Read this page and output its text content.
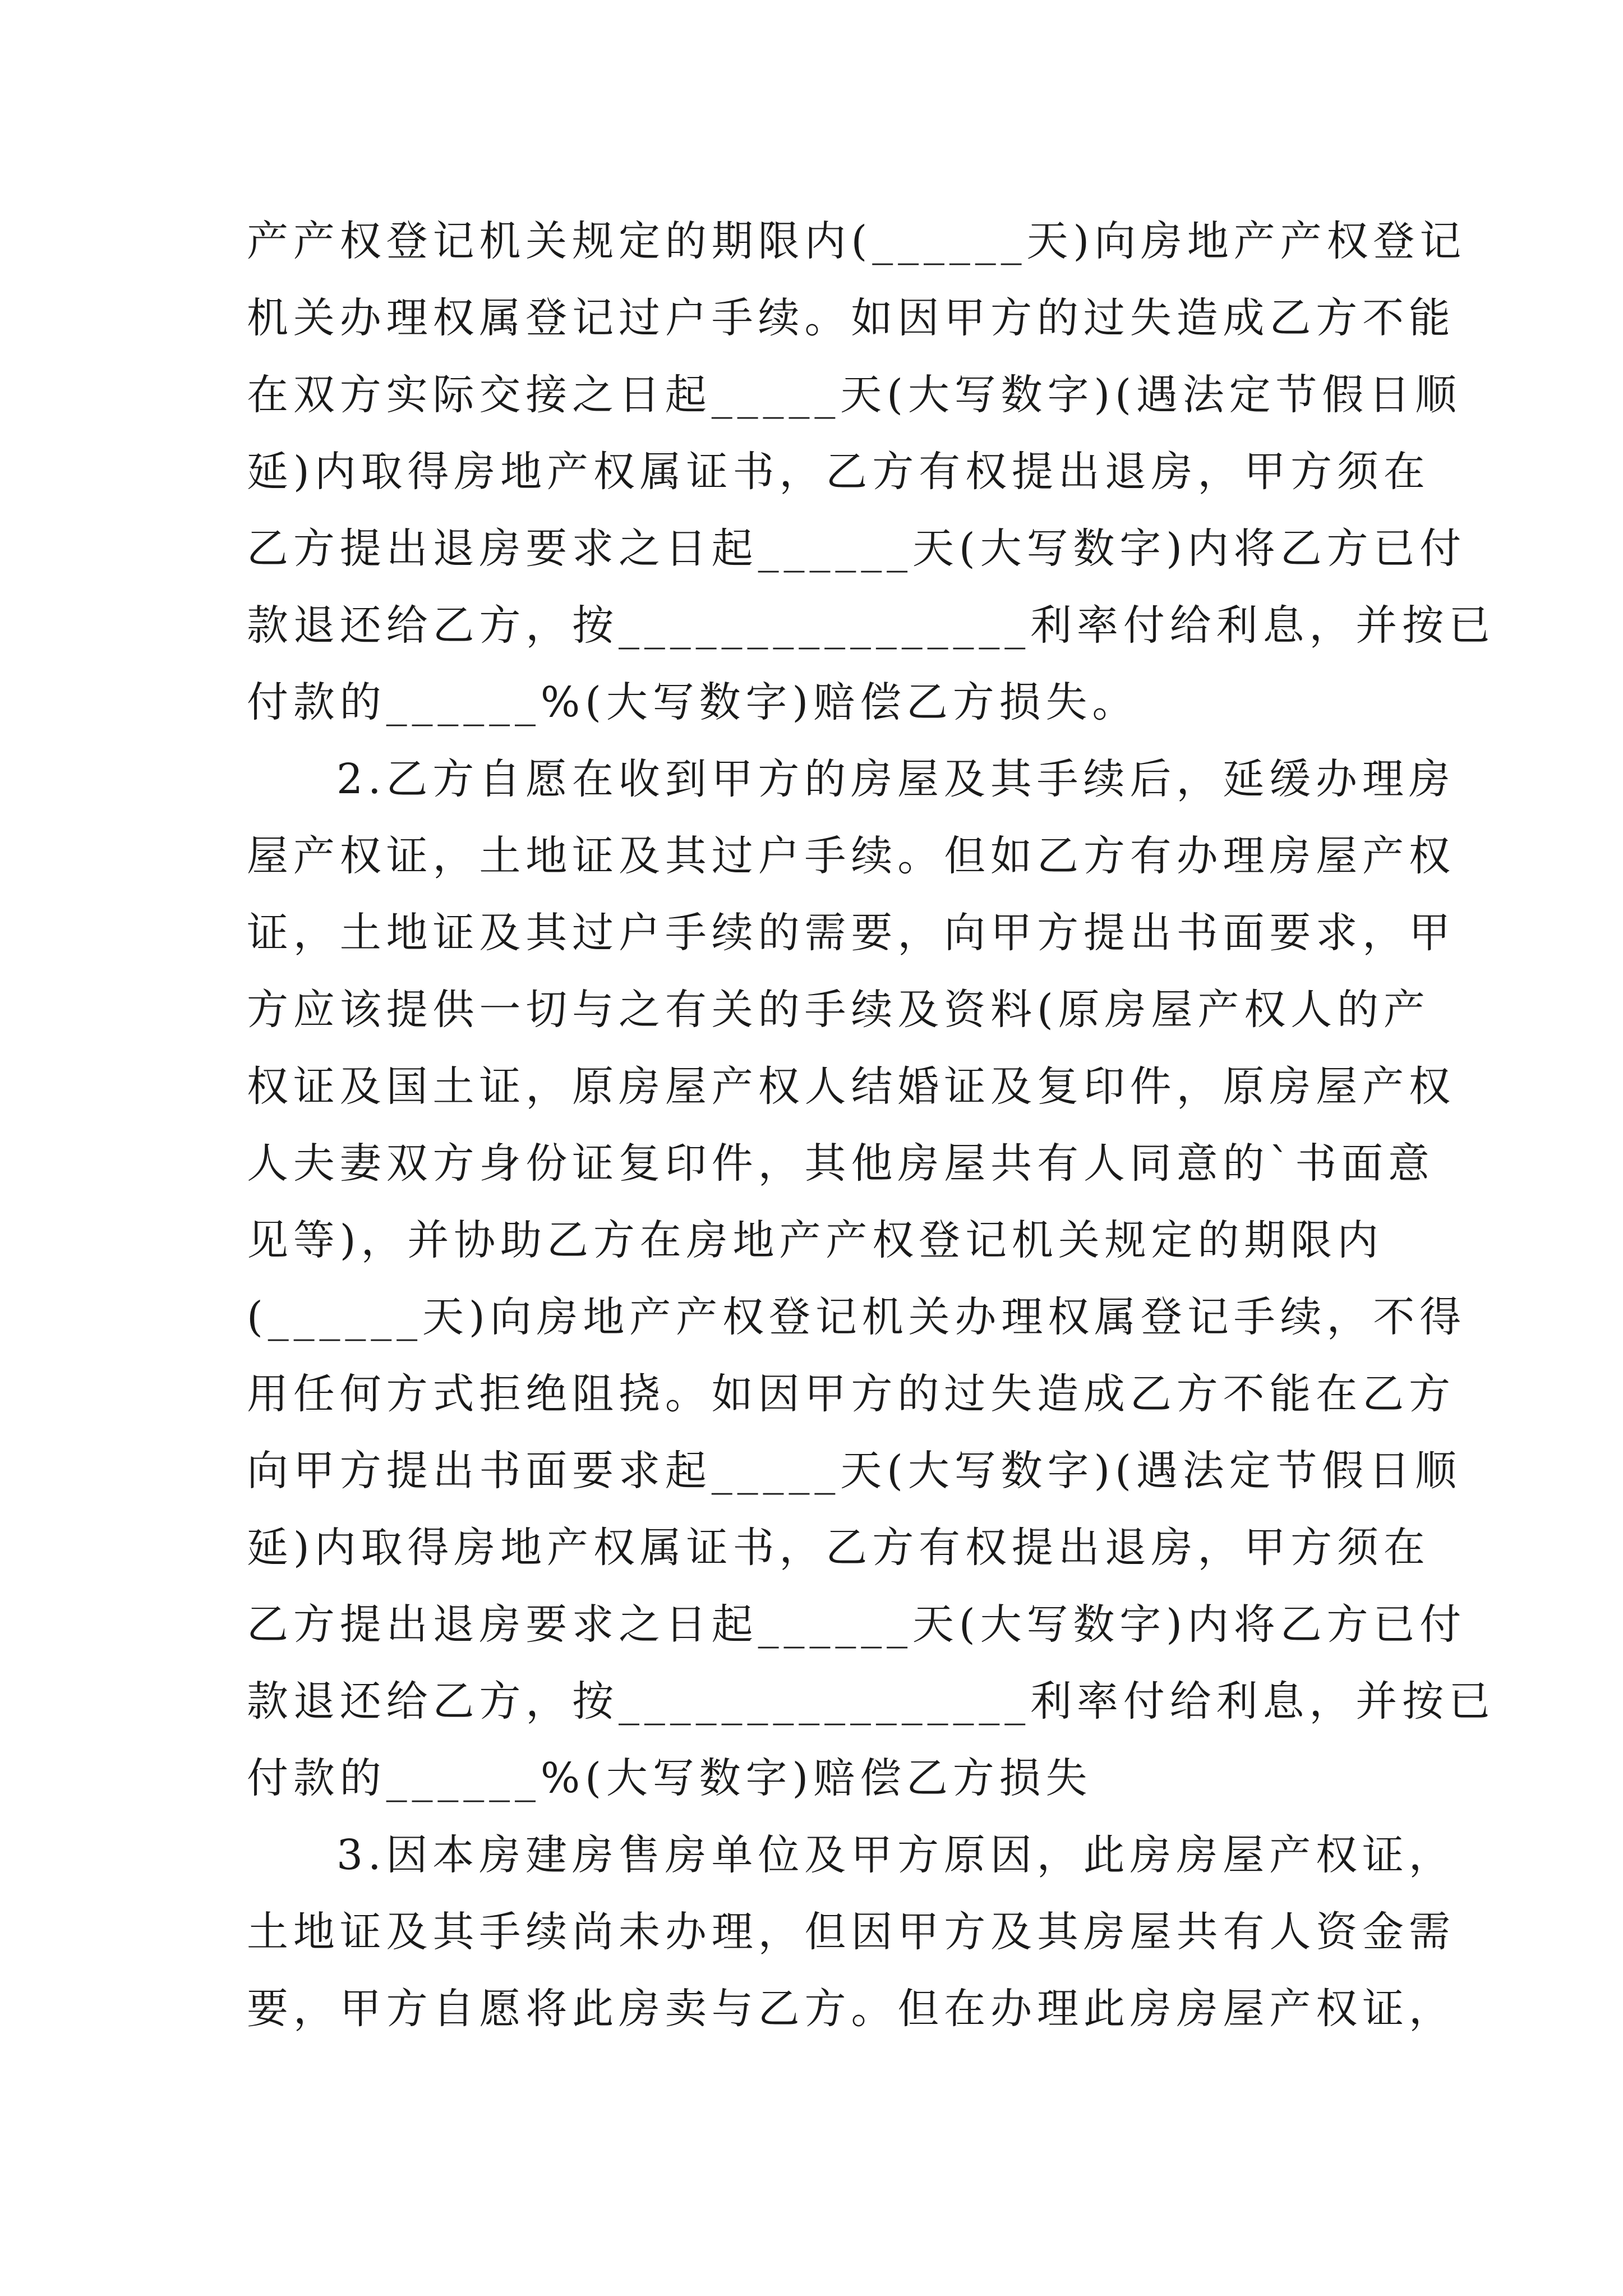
产产权登记机关规定的期限内(______天)向房地产产权登记
机关办理权属登记过户手续。如因甲方的过失造成乙方不能
在双方实际交接之日起_____天(大写数字)(遇法定节假日顺
延)内取得房地产权属证书，乙方有权提出退房，甲方须在
乙方提出退房要求之日起______天(大写数字)内将乙方已付
款退还给乙方，按________________利率付给利息，并按已
付款的______%(大写数字)赔偿乙方损失。
2.乙方自愿在收到甲方的房屋及其手续后，延缓办理房
屋产权证，土地证及其过户手续。但如乙方有办理房屋产权
证，土地证及其过户手续的需要，向甲方提出书面要求，甲
方应该提供一切与之有关的手续及资料(原房屋产权人的产
权证及国土证，原房屋产权人结婚证及复印件，原房屋产权
人夫妻双方身份证复印件，其他房屋共有人同意的`书面意
见等)，并协助乙方在房地产产权登记机关规定的期限内
(______天)向房地产产权登记机关办理权属登记手续，不得
用任何方式拒绝阻挠。如因甲方的过失造成乙方不能在乙方
向甲方提出书面要求起_____天(大写数字)(遇法定节假日顺
延)内取得房地产权属证书，乙方有权提出退房，甲方须在
乙方提出退房要求之日起______天(大写数字)内将乙方已付
款退还给乙方，按________________利率付给利息，并按已
付款的______%(大写数字)赔偿乙方损失
3.因本房建房售房单位及甲方原因，此房房屋产权证，
土地证及其手续尚未办理，但因甲方及其房屋共有人资金需
要，甲方自愿将此房卖与乙方。但在办理此房房屋产权证，
